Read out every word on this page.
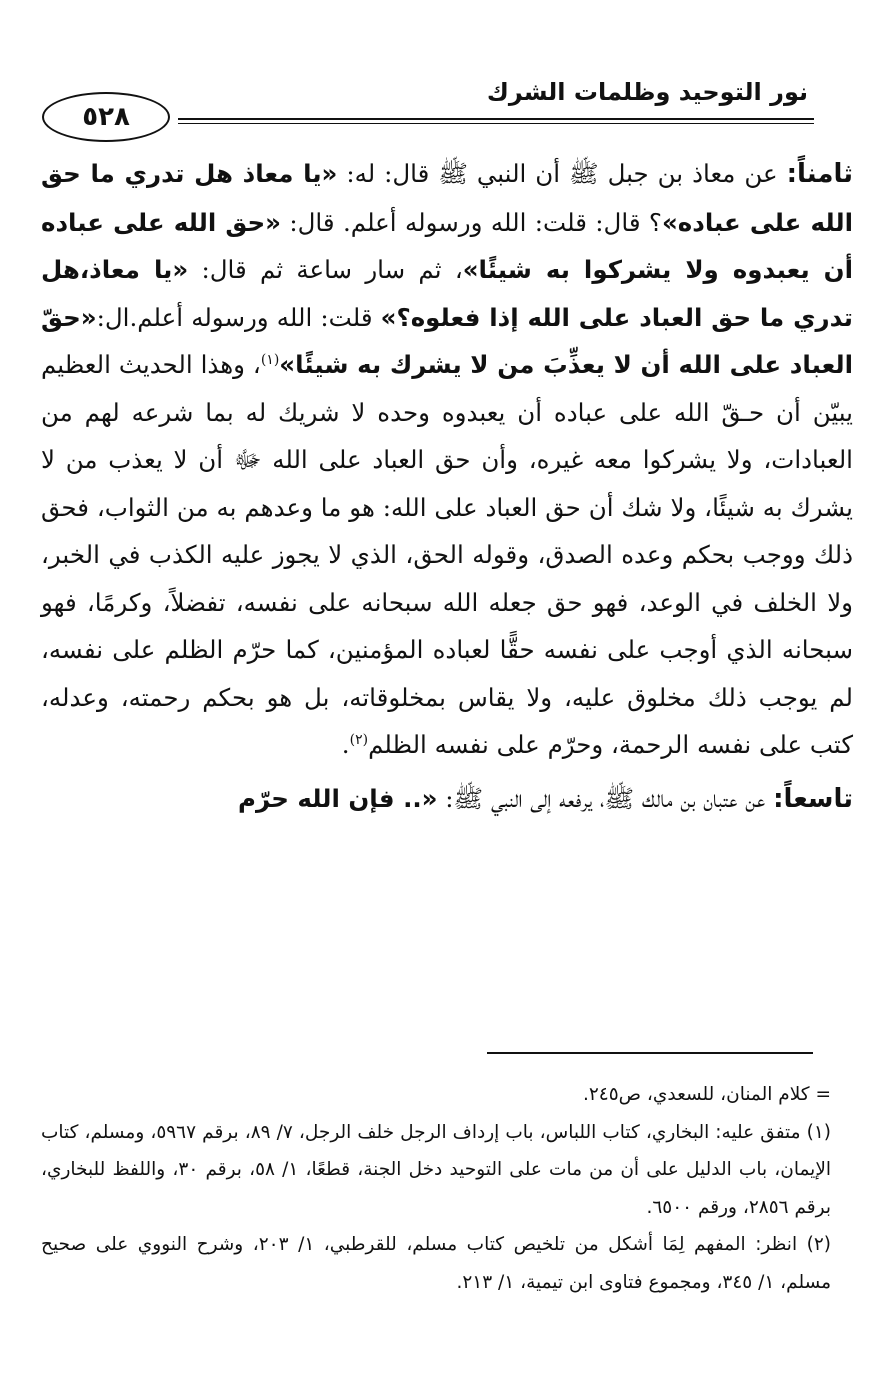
نور التوحيد وظلمات الشرك
٥٢٨

ثامناً: عن معاذ بن جبل ﷺ أن النبي ﷺ قال: له: «يا معاذ هل تدري ما حق الله على عباده»؟ قال: قلت: الله ورسوله أعلم. قال: «حق الله على عباده أن يعبدوه ولا يشركوا به شيئًا»، ثم سار ساعة ثم قال: «يا معاذ،هل تدري ما حق العباد على الله إذا فعلوه؟» قلت: الله ورسوله أعلم.ال:«حقّ العباد على الله أن لا يعذِّبَ من لا يشرك به شيئًا»$^{(١)}$، وهذا الحديث العظيم يبيّن أن حـقّ الله على عباده أن يعبدوه وحده لا شريك له بما شرعه لهم من العبادات، ولا يشركوا معه غيره، وأن حق العباد على الله ﷻ أن لا يعذب من لا يشرك به شيئًا، ولا شك أن حق العباد على الله: هو ما وعدهم به من الثواب، فحق ذلك ووجب بحكم وعده الصدق، وقوله الحق، الذي لا يجوز عليه الكذب في الخبر، ولا الخلف في الوعد، فهو حق جعله الله سبحانه على نفسه، تفضلاً، وكرمًا، فهو سبحانه الذي أوجب على نفسه حقًّا لعباده المؤمنين، كما حرّم الظلم على نفسه، لم يوجب ذلك مخلوق عليه، ولا يقاس بمخلوقاته، بل هو بحكم رحمته، وعدله، كتب على نفسه الرحمة، وحرّم على نفسه الظلم$^{(٢)}$.

تاسعاً: عن عتبان بن مالك ﷺ، يرفعه إلى النبي ﷺ: «.. فإن الله حرّم

= كلام المنان، للسعدي، ص٢٤٥.

(١) متفق عليه: البخاري، كتاب اللباس، باب إرداف الرجل خلف الرجل، ٧/ ٨٩، برقم ٥٩٦٧، ومسلم، كتاب الإيمان، باب الدليل على أن من مات على التوحيد دخل الجنة، قطعًا، ١/ ٥٨، برقم ٣٠، واللفظ للبخاري، برقم ٢٨٥٦، ورقم ٦٥٠٠.

(٢) انظر: المفهم لِمَا أشكل من تلخيص كتاب مسلم، للقرطبي، ١/ ٢٠٣، وشرح النووي على صحيح مسلم، ١/ ٣٤٥، ومجموع فتاوى ابن تيمية، ١/ ٢١٣.
